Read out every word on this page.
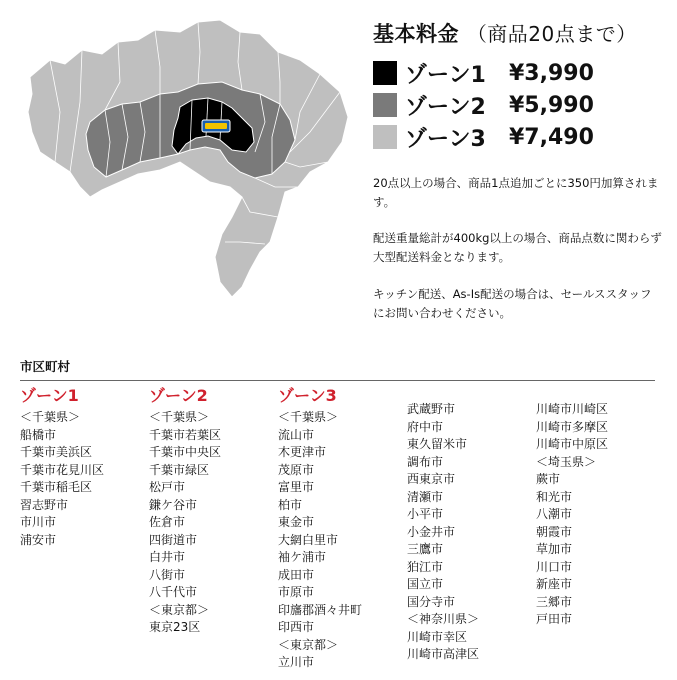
基本料金 （商品20点まで）
ゾーン1	¥3,990
ゾーン2	¥5,990
ゾーン3	¥7,490
20点以上の場合、商品1点追加ごとに350円加算されます。
配送重量総計が400kg以上の場合、商品点数に関わらず大型配送料金となります。
キッチン配送、As-Is配送の場合は、セールススタッフにお問い合わせください。
市区町村
ゾーン1
＜千葉県＞
船橋市
千葉市美浜区
千葉市花見川区
千葉市稲毛区
習志野市
市川市
浦安市
ゾーン2
＜千葉県＞
千葉市若葉区
千葉市中央区
千葉市緑区
松戸市
鎌ケ谷市
佐倉市
四街道市
白井市
八街市
八千代市
＜東京都＞
東京23区
ゾーン3
＜千葉県＞
流山市
木更津市
茂原市
富里市
柏市
東金市
大網白里市
袖ケ浦市
成田市
市原市
印旛郡酒々井町
印西市
＜東京都＞
立川市
武蔵野市
府中市
東久留米市
調布市
西東京市
清瀬市
小平市
小金井市
三鷹市
狛江市
国立市
国分寺市
＜神奈川県＞
川崎市幸区
川崎市高津区
川崎市川崎区
川崎市多摩区
川崎市中原区
＜埼玉県＞
蕨市
和光市
八潮市
朝霞市
草加市
川口市
新座市
三郷市
戸田市
